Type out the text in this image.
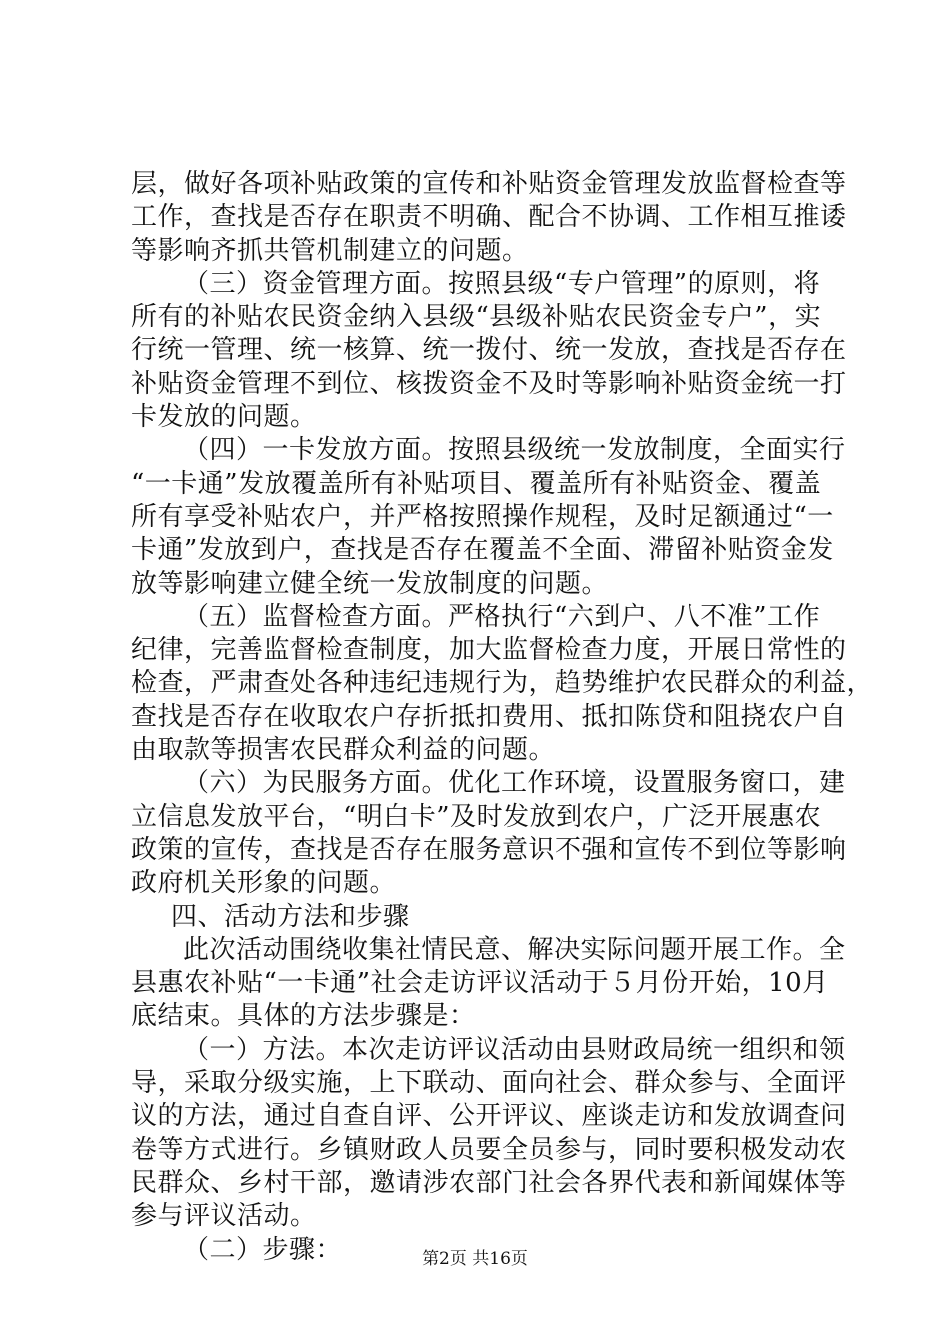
层，做好各项补贴政策的宣传和补贴资金管理发放监督检查等
工作，查找是否存在职责不明确、配合不协调、工作相互推诿
等影响齐抓共管机制建立的问题。

（三）资金管理方面。按照县级“专户管理”的原则，将
所有的补贴农民资金纳入县级“县级补贴农民资金专户”，实
行统一管理、统一核算、统一拨付、统一发放，查找是否存在
补贴资金管理不到位、核拨资金不及时等影响补贴资金统一打
卡发放的问题。

（四）一卡发放方面。按照县级统一发放制度，全面实行
“一卡通”发放覆盖所有补贴项目、覆盖所有补贴资金、覆盖
所有享受补贴农户，并严格按照操作规程，及时足额通过“一
卡通”发放到户，查找是否存在覆盖不全面、滞留补贴资金发
放等影响建立健全统一发放制度的问题。

（五）监督检查方面。严格执行“六到户、八不准”工作
纪律，完善监督检查制度，加大监督检查力度，开展日常性的
检查，严肃查处各种违纪违规行为，趋势维护农民群众的利益，
查找是否存在收取农户存折抵扣费用、抵扣陈贷和阻挠农户自
由取款等损害农民群众利益的问题。

（六）为民服务方面。优化工作环境，设置服务窗口，建
立信息发放平台，“明白卡”及时发放到农户，广泛开展惠农
政策的宣传，查找是否存在服务意识不强和宣传不到位等影响
政府机关形象的问题。

四、活动方法和步骤

此次活动围绕收集社情民意、解决实际问题开展工作。全
县惠农补贴“一卡通”社会走访评议活动于５月份开始，10月
底结束。具体的方法步骤是：

（一）方法。本次走访评议活动由县财政局统一组织和领
导，采取分级实施，上下联动、面向社会、群众参与、全面评
议的方法，通过自查自评、公开评议、座谈走访和发放调查问
卷等方式进行。乡镇财政人员要全员参与，同时要积极发动农
民群众、乡村干部，邀请涉农部门社会各界代表和新闻媒体等
参与评议活动。

（二）步骤：	第2页 共16页
